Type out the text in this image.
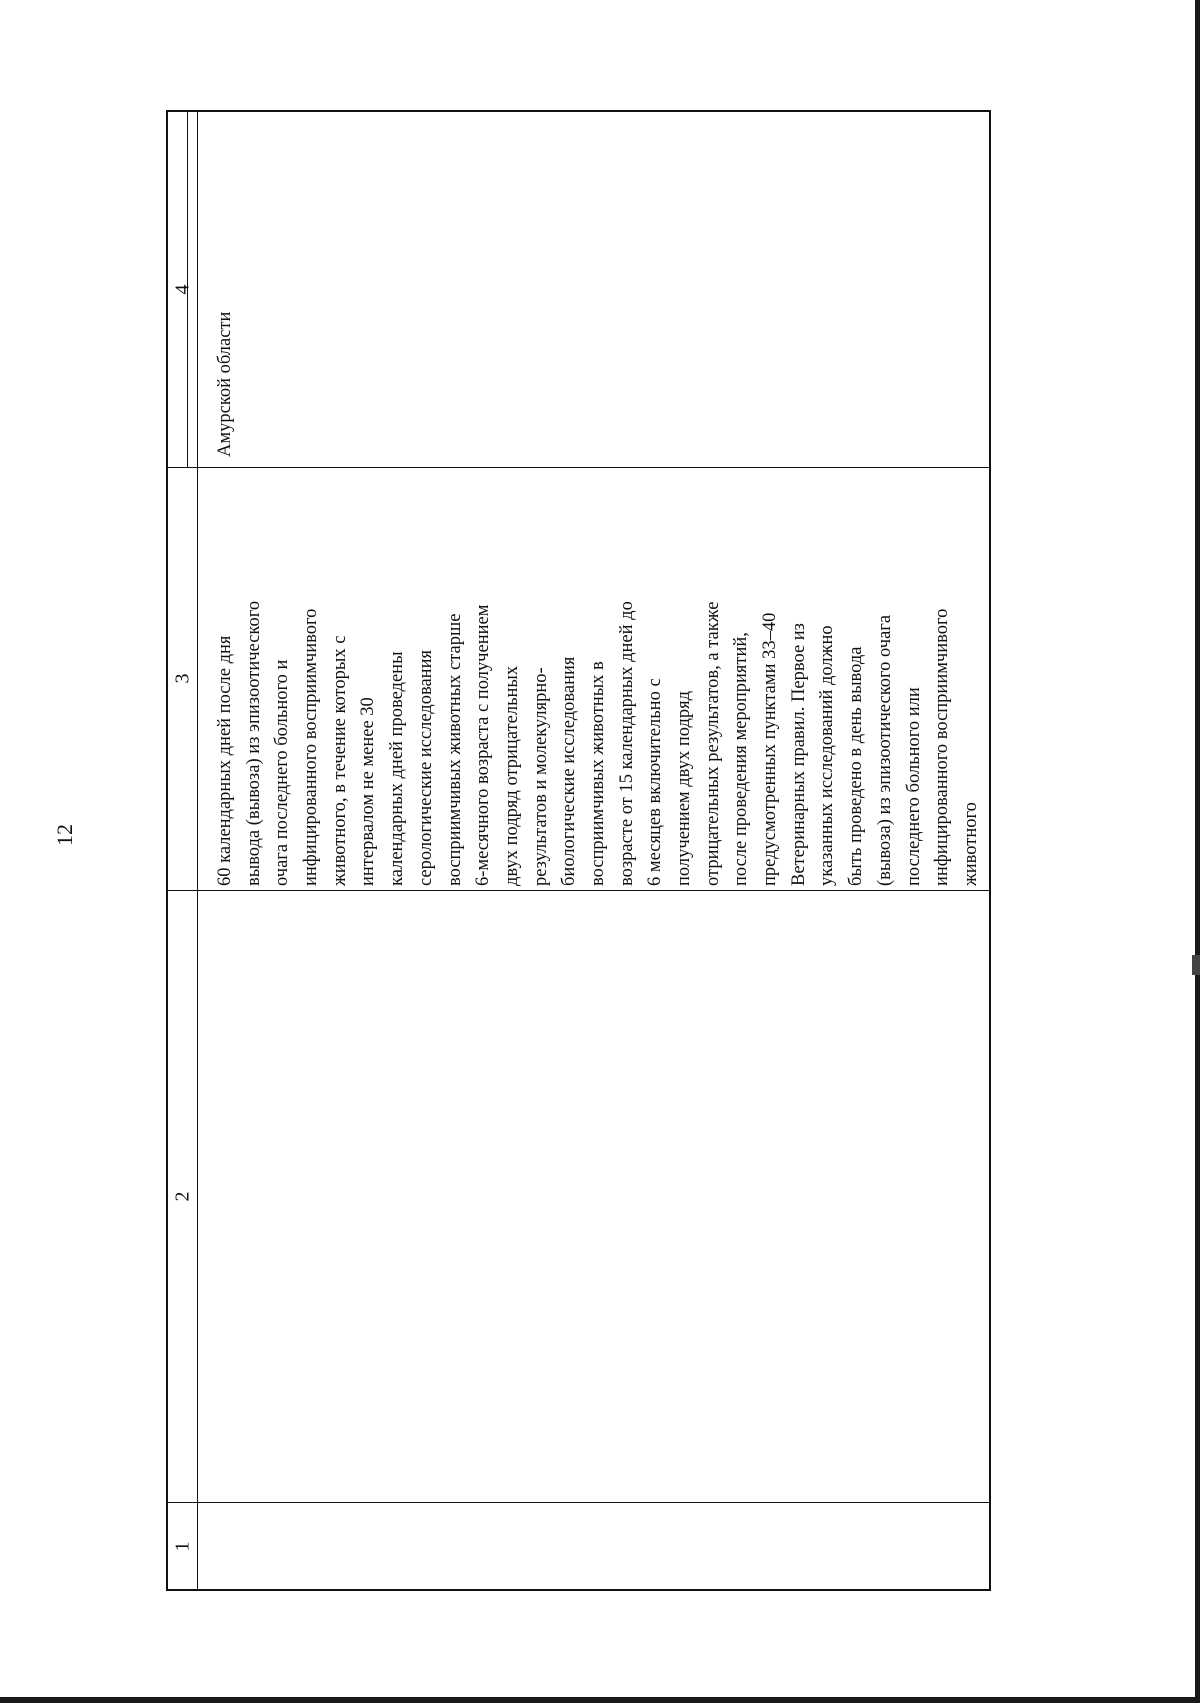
12
1
2
3
4
60 календарных дней после дня вывода (вывоза) из эпизоотического очага последнего больного и инфицированного восприимчивого животного, в течение которых с интервалом не менее 30 календарных дней проведены серологические исследования восприимчивых животных старше 6-месячного возраста с получением двух подряд отрицательных результатов и молекулярно- биологические исследования восприимчивых животных в возрасте от 15 календарных дней до 6 месяцев включительно с получением двух подряд отрицательных результатов, а также после проведения мероприятий, предусмотренных пунктами 33–40 Ветеринарных правил. Первое из указанных исследований должно быть проведено в день вывода (вывоза) из эпизоотического очага последнего больного или инфицированного восприимчивого животного
Амурской области
